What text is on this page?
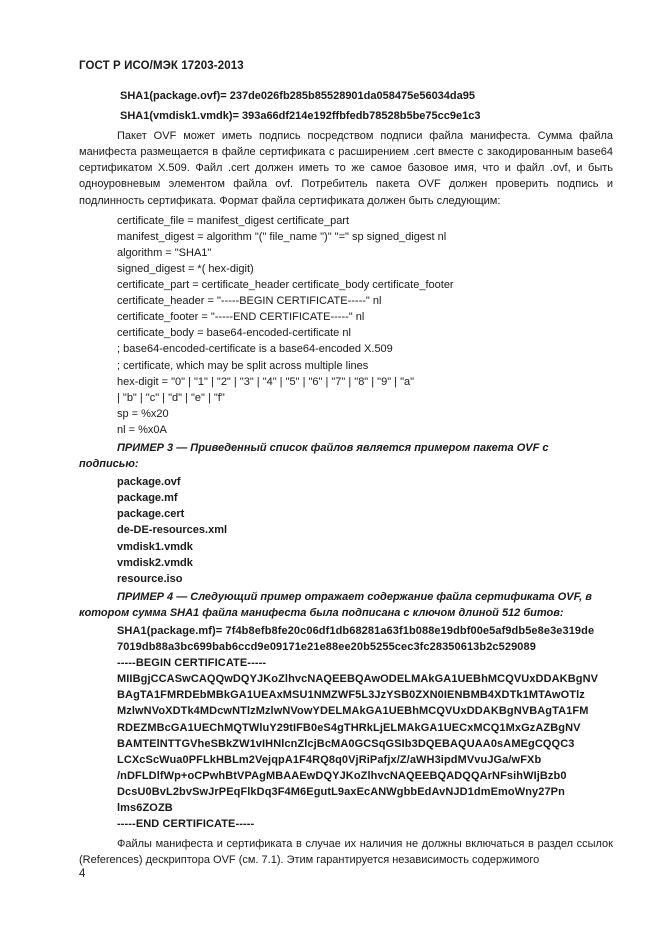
ГОСТ Р ИСО/МЭК 17203-2013
SHA1(package.ovf)= 237de026fb285b85528901da058475e56034da95
SHA1(vmdisk1.vmdk)= 393a66df214e192ffbfedb78528b5be75cc9e1c3

Пакет OVF может иметь подпись посредством подписи файла манифеста. Сумма файла манифеста размещается в файле сертификата с расширением .cert вместе с закодированным base64 сертификатом X.509. Файл .cert должен иметь то же самое базовое имя, что и файл .ovf, и быть одноуровневым элементом файла ovf. Потребитель пакета OVF должен проверить подпись и подлинность сертификата. Формат файла сертификата должен быть следующим:

certificate_file = manifest_digest certificate_part
manifest_digest = algorithm "(" file_name ")" "=" sp signed_digest nl
algorithm = "SHA1"
signed_digest = *( hex-digit)
certificate_part = certificate_header certificate_body certificate_footer
certificate_header = "-----BEGIN CERTIFICATE-----" nl
certificate_footer = "-----END CERTIFICATE-----" nl
certificate_body = base64-encoded-certificate nl
; base64-encoded-certificate is a base64-encoded X.509
; certificate, which may be split across multiple lines
hex-digit = "0" | "1" | "2" | "3" | "4" | "5" | "6" | "7" | "8" | "9" | "a"
| "b" | "c" | "d" | "e" | "f"
sp = %x20
nl = %x0A
ПРИМЕР 3 — Приведенный список файлов является примером пакета OVF с
подписью:
package.ovf
package.mf
package.cert
de-DE-resources.xml
vmdisk1.vmdk
vmdisk2.vmdk
resource.iso
ПРИМЕР 4 — Следующий пример отражает содержание файла сертификата OVF, в
котором сумма SHA1 файла манифеста была подписана с ключом длиной 512 битов:
SHA1(package.mf)= 7f4b8efb8fe20c06df1db68281a63f1b088e19dbf00e5af9db5e8e3e319de
7019db88a3bc699bab6ccd9e09171e21e88ee20b5255cec3fc28350613b2c529089
-----BEGIN CERTIFICATE-----
MIIBgjCCASwCAQQwDQYJKoZlhvcNAQEEBQAwODELMAkGA1UEBhMCQVUxDDAKBgNV
BAgTA1FMRDEbMBkGA1UEAxMSU1NMZWF5L3JzYSB0ZXN0IENBMB4XDTk1MTAwOTlz
MzlwNVoXDTk4MDcwNTlzMzlwNVowYDELMAkGA1UEBhMCQVUxDDAKBgNVBAgTA1FM
RDEZMBcGA1UEChMQTWluY29tIFB0eS4gTHRkLjELMAkGA1UECxMCQ1MxGzAZBgNV
BAMTElNTTGVheSBkZW1vIHNlcnZlcjBcMA0GCSqGSIb3DQEBAQUAA0sAMEgCQQC3
LCXcScWua0PFLkHBLm2VejqpA1F4RQ8q0VjRiPafjx/Z/aWH3ipdMVvuJGa/wFXb
/nDFLDlfWp+oCPwhBtVPAgMBAAEwDQYJKoZlhvcNAQEEBQADQQArNFsihWIjBzb0
DcsU0BvL2bvSwJrPEqFlkDq3F4M6EgutL9axEcANWgbbEdAvNJD1dmEmoWny27Pn
lms6ZOZB
-----END CERTIFICATE-----

Файлы манифеста и сертификата в случае их наличия не должны включаться в раздел ссылок (References) дескриптора OVF (см. 7.1). Этим гарантируется независимость содержимого

4
